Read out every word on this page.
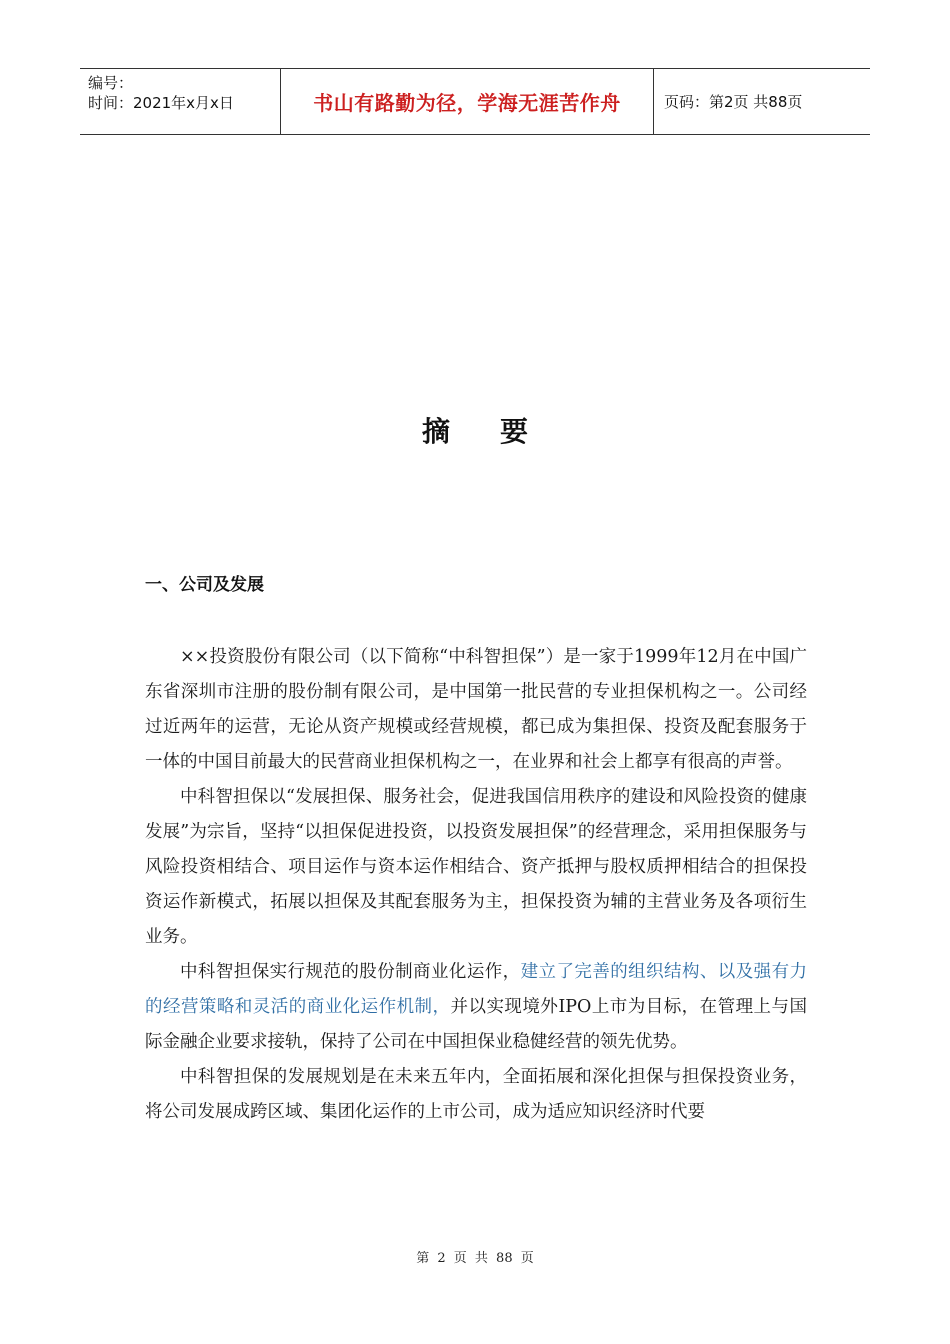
编号：
时间：2021年x月x日	书山有路勤为径，学海无涯苦作舟	页码：第2页 共88页
摘要
一、公司及发展

××投资股份有限公司（以下简称“中科智担保”）是一家于1999年12月在中国广东省深圳市注册的股份制有限公司，是中国第一批民营的专业担保机构之一。公司经过近两年的运营，无论从资产规模或经营规模，都已成为集担保、投资及配套服务于一体的中国目前最大的民营商业担保机构之一，在业界和社会上都享有很高的声誉。

中科智担保以“发展担保、服务社会，促进我国信用秩序的建设和风险投资的健康发展”为宗旨，坚持“以担保促进投资，以投资发展担保”的经营理念，采用担保服务与风险投资相结合、项目运作与资本运作相结合、资产抵押与股权质押相结合的担保投资运作新模式，拓展以担保及其配套服务为主，担保投资为辅的主营业务及各项衍生业务。

中科智担保实行规范的股份制商业化运作，建立了完善的组织结构、以及强有力的经营策略和灵活的商业化运作机制，并以实现境外IPO上市为目标，在管理上与国际金融企业要求接轨，保持了公司在中国担保业稳健经营的领先优势。

中科智担保的发展规划是在未来五年内，全面拓展和深化担保与担保投资业务，将公司发展成跨区域、集团化运作的上市公司，成为适应知识经济时代要

第 2 页 共 88 页
